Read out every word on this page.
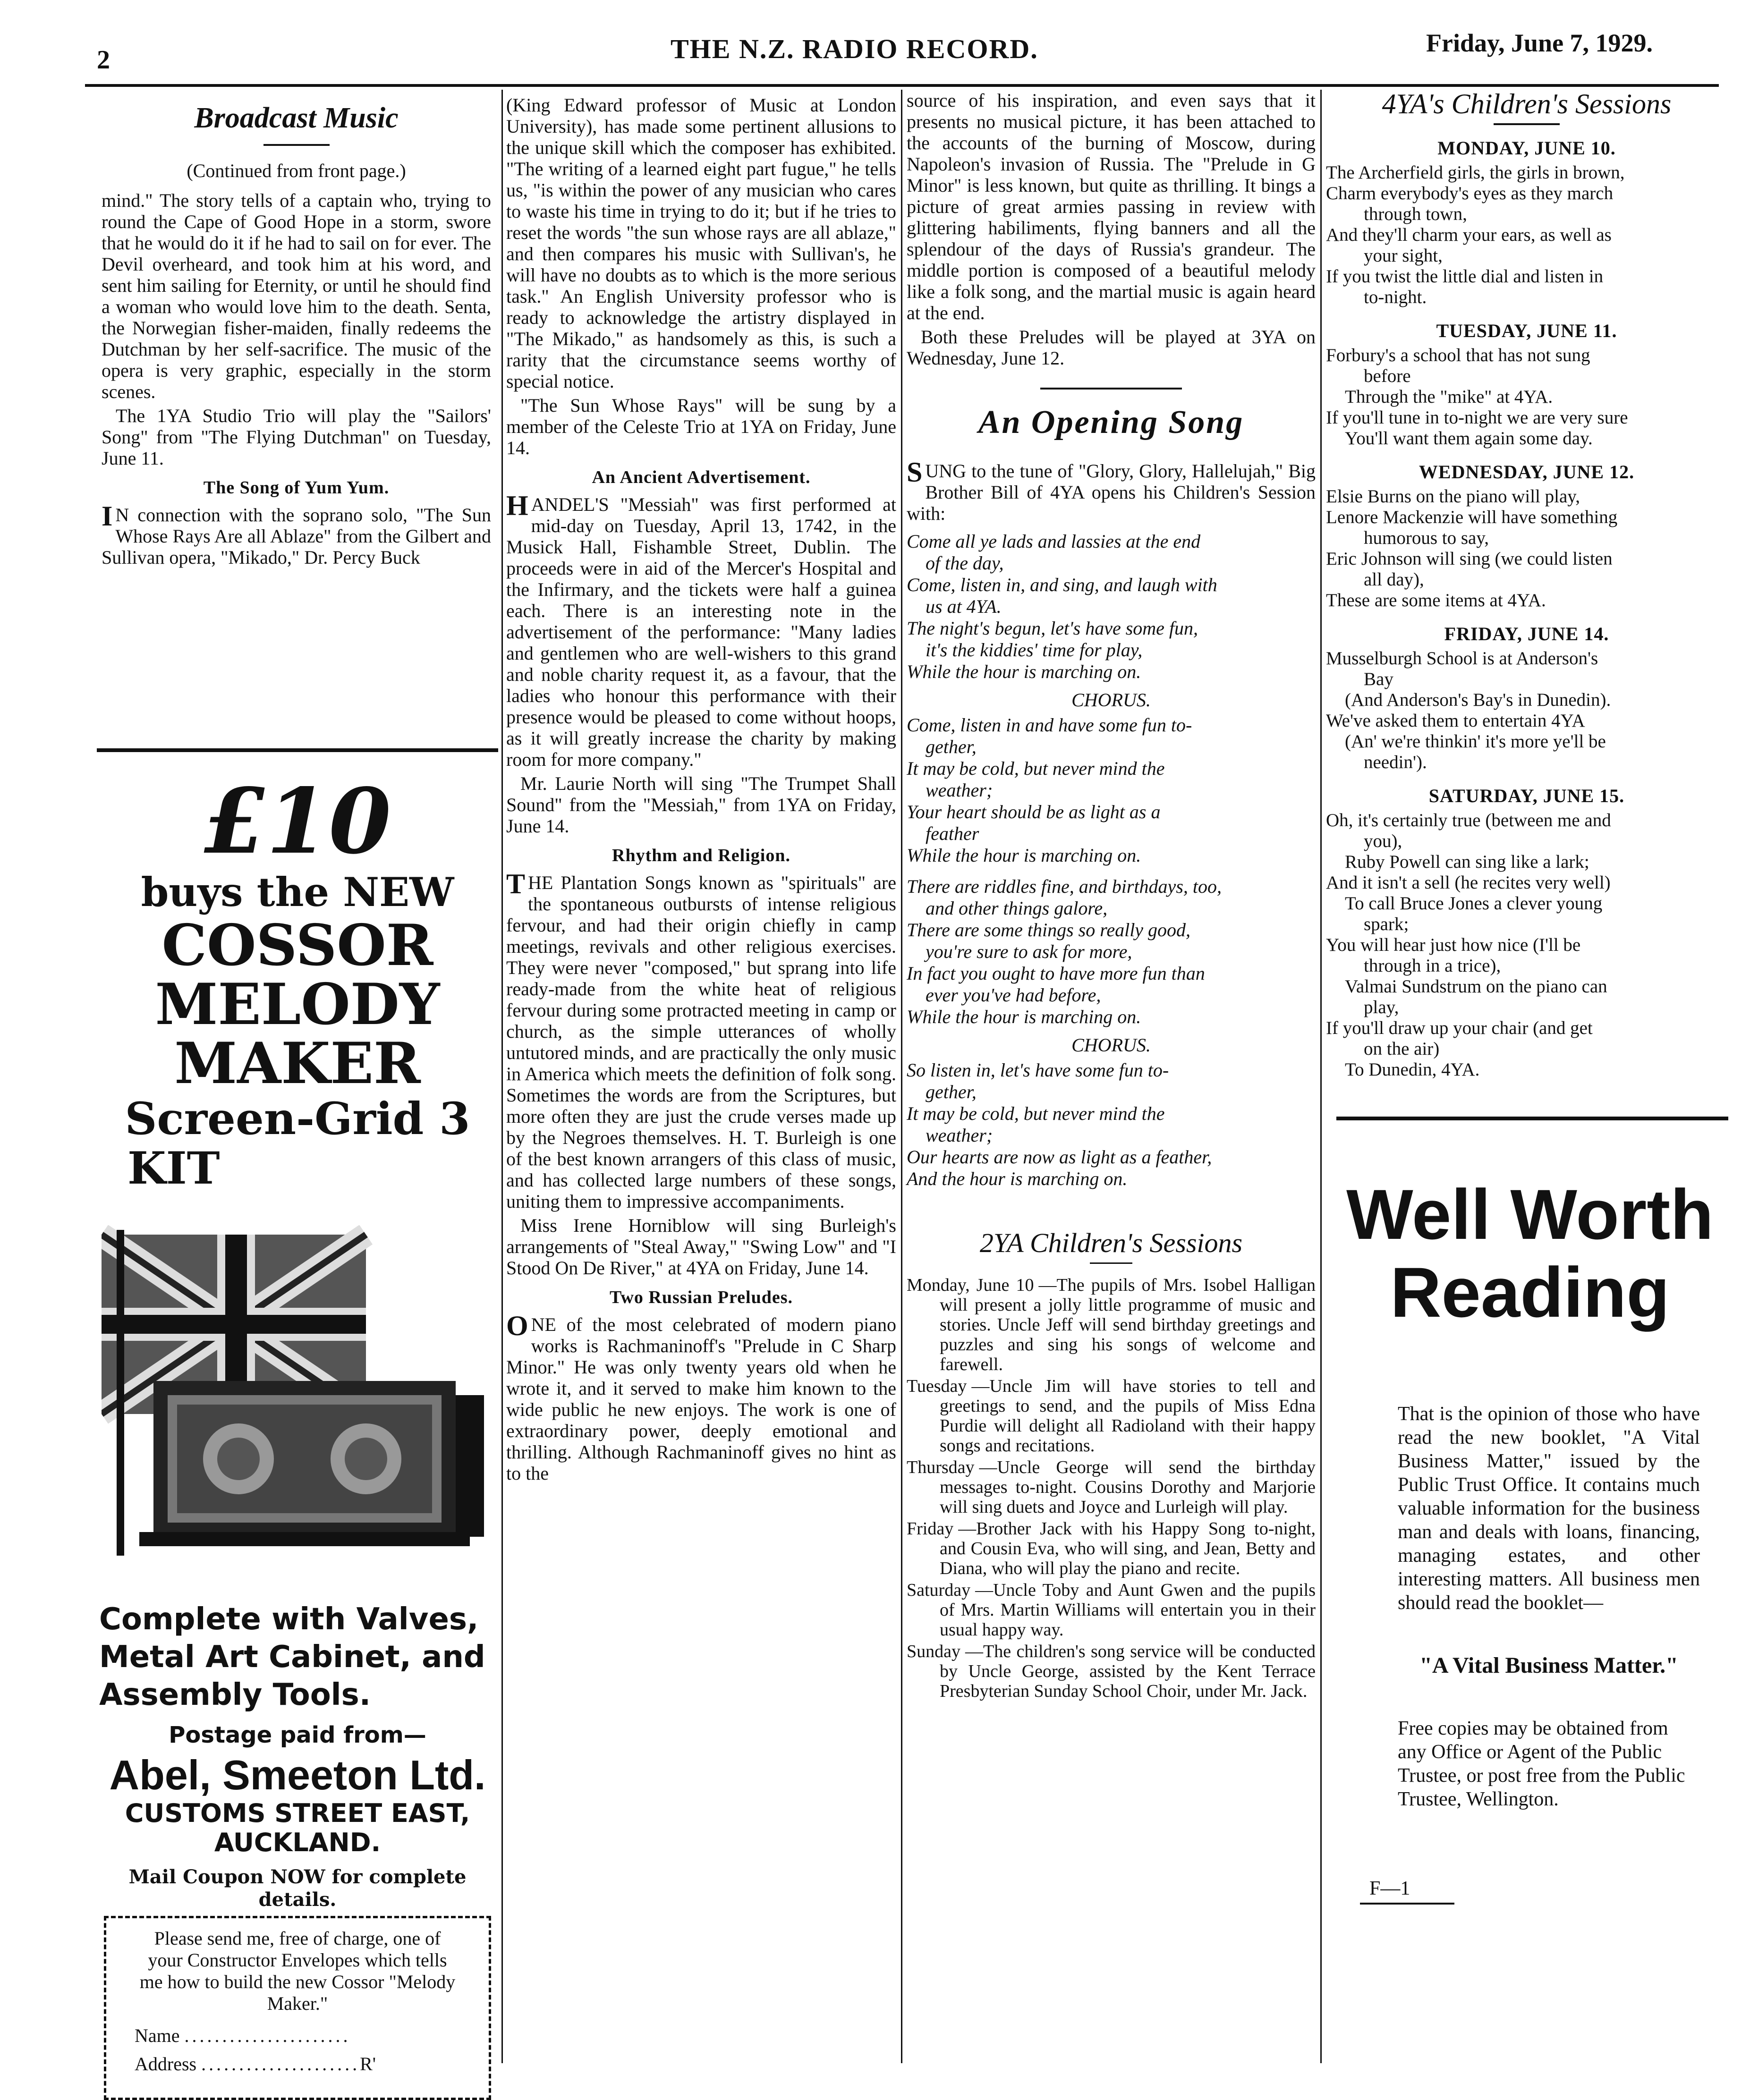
2	THE N.Z. RADIO RECORD.	Friday, June 7, 1929.
Broadcast Music
(Continued from front page.)

mind." The story tells of a captain who, trying to round the Cape of Good Hope in a storm, swore that he would do it if he had to sail on for ever. The Devil overheard, and took him at his word, and sent him sailing for Eternity, or until he should find a woman who would love him to the death. Senta, the Norwegian fisher-maiden, finally redeems the Dutchman by her self-sacrifice. The music of the opera is very graphic, especially in the storm scenes.

The 1YA Studio Trio will play the "Sailors' Song" from "The Flying Dutchman" on Tuesday, June 11.

The Song of Yum Yum.

I N connection with the soprano solo, "The Sun Whose Rays Are all Ablaze" from the Gilbert and Sullivan opera, "Mikado," Dr. Percy Buck

£10
buys the NEW
COSSOR
MELODY
MAKER
Screen-Grid 3
KIT
Complete with Valves, Metal Art Cabinet, and Assembly Tools.
Postage paid from—
Abel, Smeeton Ltd.
CUSTOMS STREET EAST,
AUCKLAND.
Mail Coupon NOW for complete details.
Please send me, free of charge, one of your Constructor Envelopes which tells me how to build the new Cossor "Melody Maker."
Name ......................
Address .....................R'

(King Edward professor of Music at London University), has made some pertinent allusions to the unique skill which the composer has exhibited. "The writing of a learned eight part fugue," he tells us, "is within the power of any musician who cares to waste his time in trying to do it; but if he tries to reset the words "the sun whose rays are all ablaze," and then compares his music with Sullivan's, he will have no doubts as to which is the more serious task." An English University professor who is ready to acknowledge the artistry displayed in "The Mikado," as handsomely as this, is such a rarity that the circumstance seems worthy of special notice.

"The Sun Whose Rays" will be sung by a member of the Celeste Trio at 1YA on Friday, June 14.

An Ancient Advertisement.

HANDEL'S "Messiah" was first performed at mid-day on Tuesday, April 13, 1742, in the Musick Hall, Fishamble Street, Dublin. The proceeds were in aid of the Mercer's Hospital and the Infirmary, and the tickets were half a guinea each. There is an interesting note in the advertisement of the performance: "Many ladies and gentlemen who are well-wishers to this grand and noble charity request it, as a favour, that the ladies who honour this performance with their presence would be pleased to come without hoops, as it will greatly increase the charity by making room for more company."

Mr. Laurie North will sing "The Trumpet Shall Sound" from the "Messiah," from 1YA on Friday, June 14.

Rhythm and Religion.

THE Plantation Songs known as "spirituals" are the spontaneous outbursts of intense religious fervour, and had their origin chiefly in camp meetings, revivals and other religious exercises. They were never "composed," but sprang into life ready-made from the white heat of religious fervour during some protracted meeting in camp or church, as the simple utterances of wholly untutored minds, and are practically the only music in America which meets the definition of folk song. Sometimes the words are from the Scriptures, but more often they are just the crude verses made up by the Negroes themselves. H. T. Burleigh is one of the best known arrangers of this class of music, and has collected large numbers of these songs, uniting them to impressive accompaniments.

Miss Irene Horniblow will sing Burleigh's arrangements of "Steal Away," "Swing Low" and "I Stood On De River," at 4YA on Friday, June 14.

Two Russian Preludes.

ONE of the most celebrated of modern piano works is Rachmaninoff's "Prelude in C Sharp Minor." He was only twenty years old when he wrote it, and it served to make him known to the wide public he new enjoys. The work is one of extraordinary power, deeply emotional and thrilling. Although Rachmaninoff gives no hint as to the

source of his inspiration, and even says that it presents no musical picture, it has been attached to the accounts of the burning of Moscow, during Napoleon's invasion of Russia. The "Prelude in G Minor" is less known, but quite as thrilling. It bings a picture of great armies passing in review with glittering habiliments, flying banners and all the splendour of the days of Russia's grandeur. The middle portion is composed of a beautiful melody like a folk song, and the martial music is again heard at the end.

Both these Preludes will be played at 3YA on Wednesday, June 12.

An Opening Song

SUNG to the tune of "Glory, Glory, Hallelujah," Big Brother Bill of 4YA opens his Children's Session with:

Come all ye lads and lassies at the end
of the day,
Come, listen in, and sing, and laugh with
us at 4YA.
The night's begun, let's have some fun,
it's the kiddies' time for play,
While the hour is marching on.
CHORUS.
Come, listen in and have some fun to-
gether,
It may be cold, but never mind the
weather;
Your heart should be as light as a
feather
While the hour is marching on.
There are riddles fine, and birthdays, too,
and other things galore,
There are some things so really good,
you're sure to ask for more,
In fact you ought to have more fun than
ever you've had before,
While the hour is marching on.
CHORUS.
So listen in, let's have some fun to-
gether,
It may be cold, but never mind the
weather;
Our hearts are now as light as a feather,
And the hour is marching on.
2YA Children's Sessions

Monday, June 10 —The pupils of Mrs. Isobel Halligan will present a jolly little programme of music and stories. Uncle Jeff will send birthday greetings and puzzles and sing his songs of welcome and farewell.

Tuesday —Uncle Jim will have stories to tell and greetings to send, and the pupils of Miss Edna Purdie will delight all Radioland with their happy songs and recitations.

Thursday —Uncle George will send the birthday messages to-night. Cousins Dorothy and Marjorie will sing duets and Joyce and Lurleigh will play.

Friday —Brother Jack with his Happy Song to-night, and Cousin Eva, who will sing, and Jean, Betty and Diana, who will play the piano and recite.

Saturday —Uncle Toby and Aunt Gwen and the pupils of Mrs. Martin Williams will entertain you in their usual happy way.

Sunday —The children's song service will be conducted by Uncle George, assisted by the Kent Terrace Presbyterian Sunday School Choir, under Mr. Jack.

4YA's Children's Sessions
MONDAY, JUNE 10.
The Archerfield girls, the girls in brown,
Charm everybody's eyes as they march
through town,
And they'll charm your ears, as well as
your sight,
If you twist the little dial and listen in
to-night.
TUESDAY, JUNE 11.
Forbury's a school that has not sung
before
Through the "mike" at 4YA.
If you'll tune in to-night we are very sure
You'll want them again some day.
WEDNESDAY, JUNE 12.
Elsie Burns on the piano will play,
Lenore Mackenzie will have something
humorous to say,
Eric Johnson will sing (we could listen
all day),
These are some items at 4YA.
FRIDAY, JUNE 14.
Musselburgh School is at Anderson's
Bay
(And Anderson's Bay's in Dunedin).
We've asked them to entertain 4YA
(An' we're thinkin' it's more ye'll be
needin').
SATURDAY, JUNE 15.
Oh, it's certainly true (between me and
you),
Ruby Powell can sing like a lark;
And it isn't a sell (he recites very well)
To call Bruce Jones a clever young
spark;
You will hear just how nice (I'll be
through in a trice),
Valmai Sundstrum on the piano can
play,
If you'll draw up your chair (and get
on the air)
To Dunedin, 4YA.
Well Worth
Reading
That is the opinion of those who have read the new booklet, "A Vital Business Matter," issued by the Public Trust Office. It contains much valuable information for the business man and deals with loans, financing, managing estates, and other interesting matters. All business men should read the booklet—
"A Vital Business Matter."
Free copies may be obtained from any Office or Agent of the Public Trustee, or post free from the Public Trustee, Wellington.
F—1
